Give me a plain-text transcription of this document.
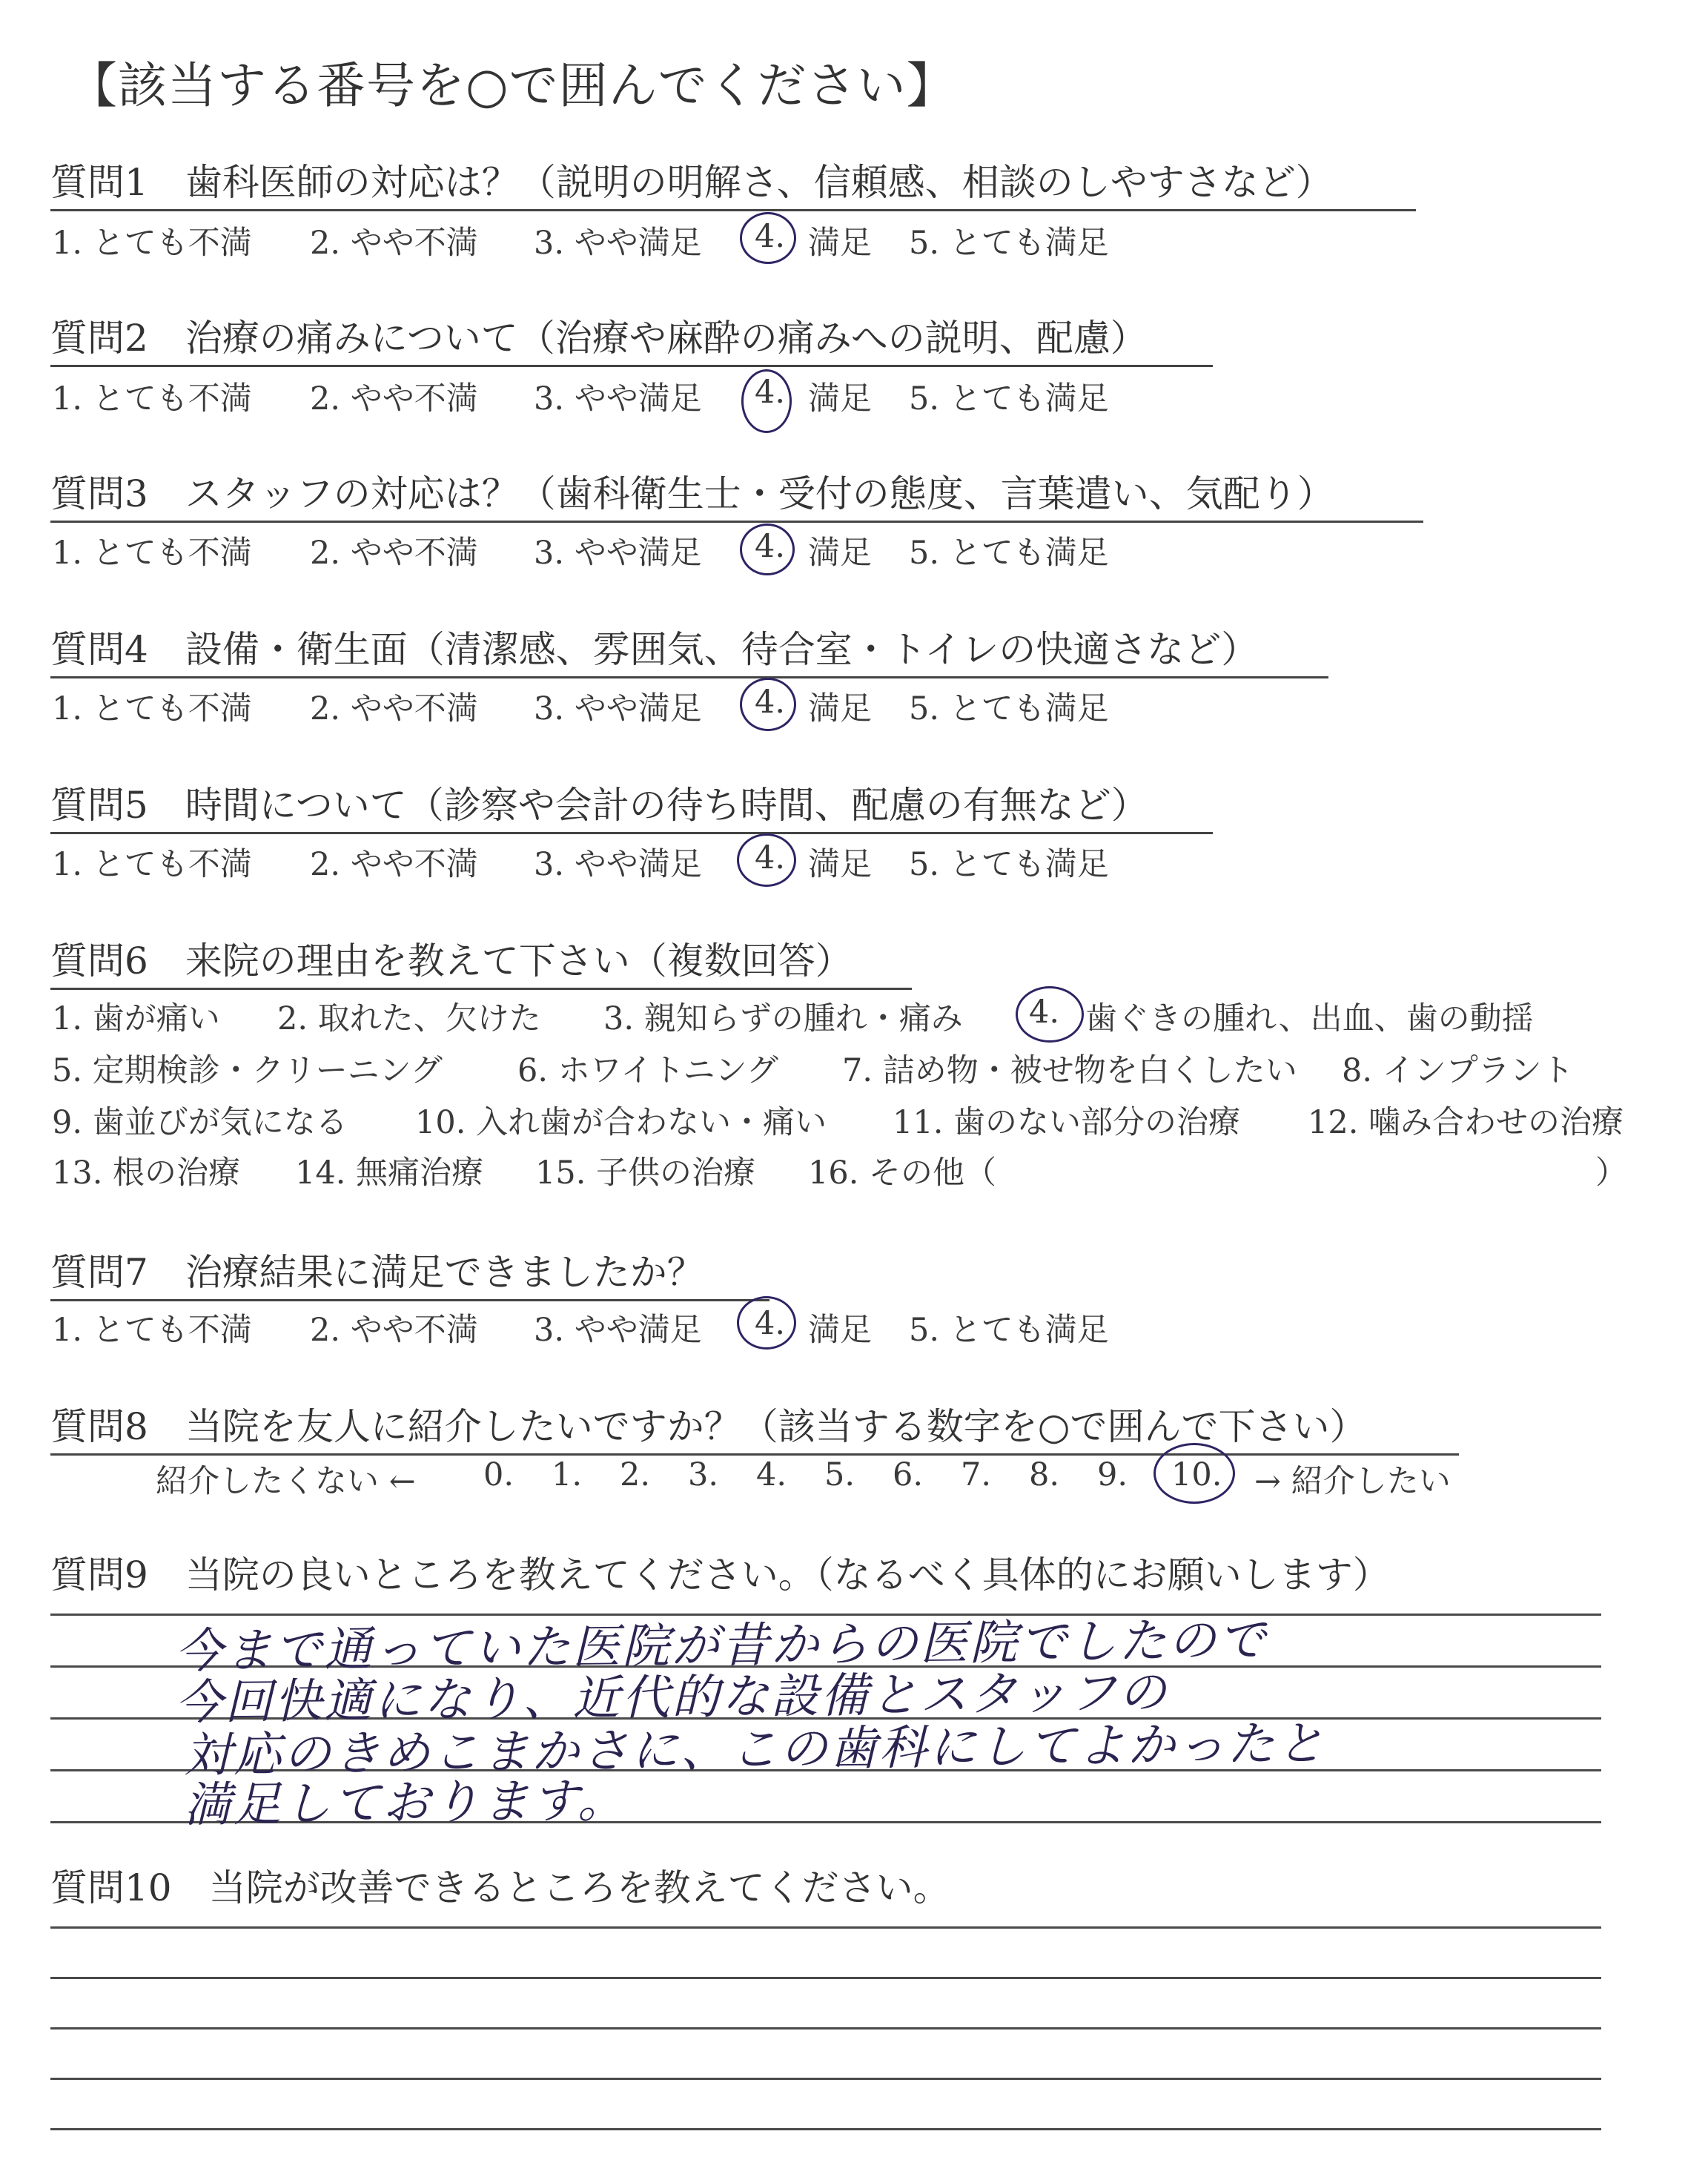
【該当する番号を○で囲んでください】
質問1　 歯科医師の対応は？（説明の明解さ、信頼感、相談のしやすさなど）
1. とても不満 2. やや不満 3. やや満足 4. 満足 5. とても満足
質問2　 治療の痛みについて（治療や麻酔の痛みへの説明、配慮）
1. とても不満 2. やや不満 3. やや満足 4. 満足 5. とても満足
質問3　 スタッフの対応は？（歯科衛生士・受付の態度、言葉遣い、気配り）
1. とても不満 2. やや不満 3. やや満足 4. 満足 5. とても満足
質問4　 設備・衛生面（清潔感、雰囲気、待合室・トイレの快適さなど）
1. とても不満 2. やや不満 3. やや満足 4. 満足 5. とても満足
質問5　 時間について（診察や会計の待ち時間、配慮の有無など）
1. とても不満 2. やや不満 3. やや満足 4. 満足 5. とても満足
質問6　 来院の理由を教えて下さい（複数回答）
1. 歯が痛い 2. 取れた、欠けた 3. 親知らずの腫れ・痛み 4. 歯ぐきの腫れ、出血、歯の動揺
5. 定期検診・クリーニング 6. ホワイトニング 7. 詰め物・被せ物を白くしたい 8. インプラント
9. 歯並びが気になる 10. 入れ歯が合わない・痛い 11. 歯のない部分の治療 12. 噛み合わせの治療
13. 根の治療 14. 無痛治療 15. 子供の治療 16. その他（	）
質問7　 治療結果に満足できましたか？
1. とても不満 2. やや不満 3. やや満足 4. 満足 5. とても満足
質問8　 当院を友人に紹介したいですか？（該当する数字を○で囲んで下さい）
紹介したくない ← 0. 1. 2. 3. 4. 5. 6. 7. 8. 9. 10. → 紹介したい
質問9　 当院の良いところを教えてください。（なるべく具体的にお願いします）
今まで通っていた医院が昔からの医院でしたので
今回快適になり、近代的な設備とスタッフの
対応のきめこまかさに、この歯科にしてよかったと
満足しております。
質問10　 当院が改善できるところを教えてください。
